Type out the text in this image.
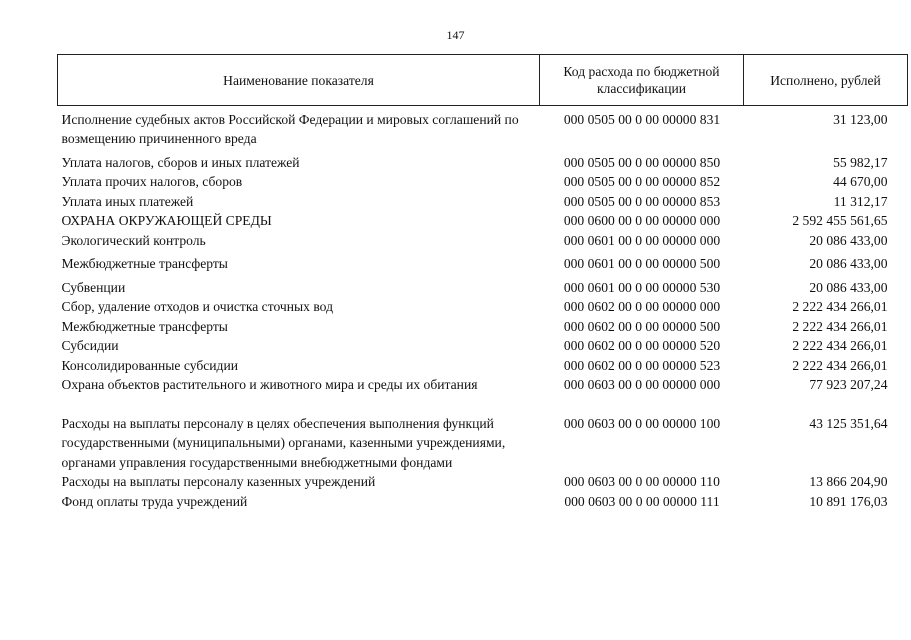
147
Наименование показателя	Код расхода по бюджетной классификации	Исполнено, рублей

Исполнение судебных актов Российской Федерации и мировых соглашений по возмещению причиненного вреда	000 0505 00 0 00 00000 831	31 123,00

Уплата налогов, сборов и иных платежей	000 0505 00 0 00 00000 850	55 982,17
Уплата прочих налогов, сборов	000 0505 00 0 00 00000 852	44 670,00
Уплата иных платежей	000 0505 00 0 00 00000 853	11 312,17
ОХРАНА ОКРУЖАЮЩЕЙ СРЕДЫ	000 0600 00 0 00 00000 000	2 592 455 561,65
Экологический контроль	000 0601 00 0 00 00000 000	20 086 433,00

Межбюджетные трансферты	000 0601 00 0 00 00000 500	20 086 433,00

Субвенции	000 0601 00 0 00 00000 530	20 086 433,00
Сбор, удаление отходов и очистка сточных вод	000 0602 00 0 00 00000 000	2 222 434 266,01
Межбюджетные трансферты	000 0602 00 0 00 00000 500	2 222 434 266,01
Субсидии	000 0602 00 0 00 00000 520	2 222 434 266,01
Консолидированные субсидии	000 0602 00 0 00 00000 523	2 222 434 266,01
Охрана объектов растительного и животного мира и среды их обитания	000 0603 00 0 00 00000 000	77 923 207,24

Расходы на выплаты персоналу в целях обеспечения выполнения функций государственными (муниципальными) органами, казенными учреждениями, органами управления государственными внебюджетными фондами	000 0603 00 0 00 00000 100	43 125 351,64
Расходы на выплаты персоналу казенных учреждений	000 0603 00 0 00 00000 110	13 866 204,90
Фонд оплаты труда учреждений	000 0603 00 0 00 00000 111	10 891 176,03
